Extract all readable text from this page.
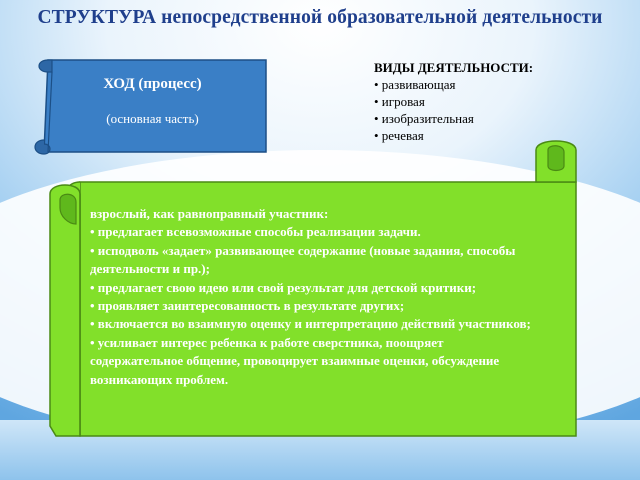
СТРУКТУРА непосредственной образовательной деятельности
ХОД (процесс)
(основная часть)
ВИДЫ ДЕЯТЕЛЬНОСТИ:
• развивающая
• игровая
• изобразительная
• речевая
взрослый, как равноправный участник:
• предлагает всевозможные способы реализации задачи.
• исподволь «задает» развивающее содержание (новые задания, способы деятельности и пр.);
• предлагает свою идею или свой результат для детской критики;
• проявляет заинтересованность в результате других;
• включается во взаимную оценку и интерпретацию действий участников;
• усиливает интерес ребенка к работе сверстника, поощряет содержательное общение, провоцирует взаимные оценки, обсуждение возникающих проблем.
